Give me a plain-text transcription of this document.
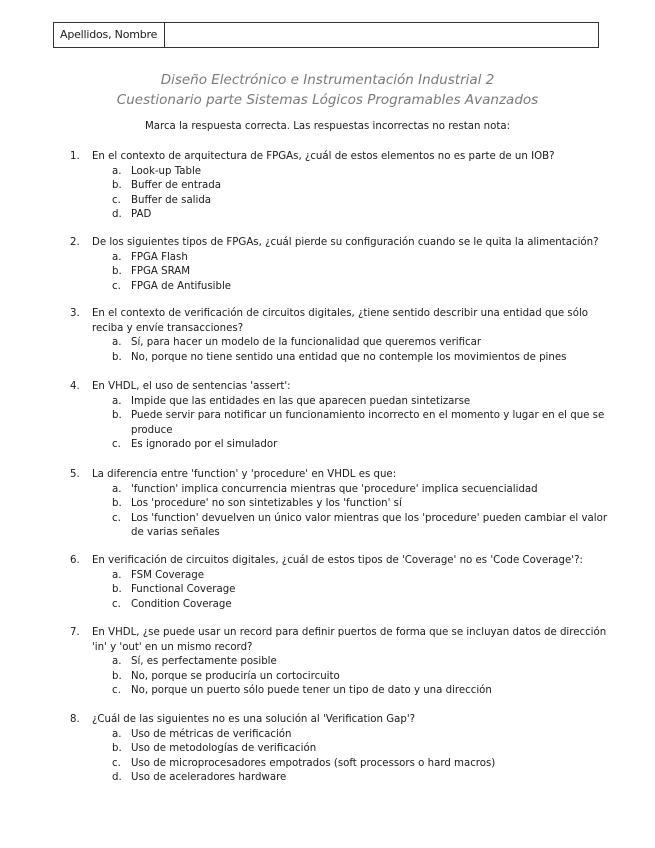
Apellidos, Nombre
Diseño Electrónico e Instrumentación Industrial 2
Cuestionario parte Sistemas Lógicos Programables Avanzados
Marca la respuesta correcta. Las respuestas incorrectas no restan nota:
1. En el contexto de arquitectura de FPGAs, ¿cuál de estos elementos no es parte de un IOB?
a. Look-up Table
b. Buffer de entrada
c. Buffer de salida
d. PAD
2. De los siguientes tipos de FPGAs, ¿cuál pierde su configuración cuando se le quita la alimentación?
a. FPGA Flash
b. FPGA SRAM
c. FPGA de Antifusible
3. En el contexto de verificación de circuitos digitales, ¿tiene sentido describir una entidad que sólo reciba y envíe transacciones?
a. Sí, para hacer un modelo de la funcionalidad que queremos verificar
b. No, porque no tiene sentido una entidad que no contemple los movimientos de pines
4. En VHDL, el uso de sentencias 'assert':
a. Impide que las entidades en las que aparecen puedan sintetizarse
b. Puede servir para notificar un funcionamiento incorrecto en el momento y lugar en el que se produce
c. Es ignorado por el simulador
5. La diferencia entre 'function' y 'procedure' en VHDL es que:
a. 'function' implica concurrencia mientras que 'procedure' implica secuencialidad
b. Los 'procedure' no son sintetizables y los 'function' sí
c. Los 'function' devuelven un único valor mientras que los 'procedure' pueden cambiar el valor de varias señales
6. En verificación de circuitos digitales, ¿cuál de estos tipos de 'Coverage' no es 'Code Coverage'?:
a. FSM Coverage
b. Functional Coverage
c. Condition Coverage
7. En VHDL, ¿se puede usar un record para definir puertos de forma que se incluyan datos de dirección 'in' y 'out' en un mismo record?
a. Sí, es perfectamente posible
b. No, porque se produciría un cortocircuito
c. No, porque un puerto sólo puede tener un tipo de dato y una dirección
8. ¿Cuál de las siguientes no es una solución al 'Verification Gap'?
a. Uso de métricas de verificación
b. Uso de metodologías de verificación
c. Uso de microprocesadores empotrados (soft processors o hard macros)
d. Uso de aceleradores hardware
